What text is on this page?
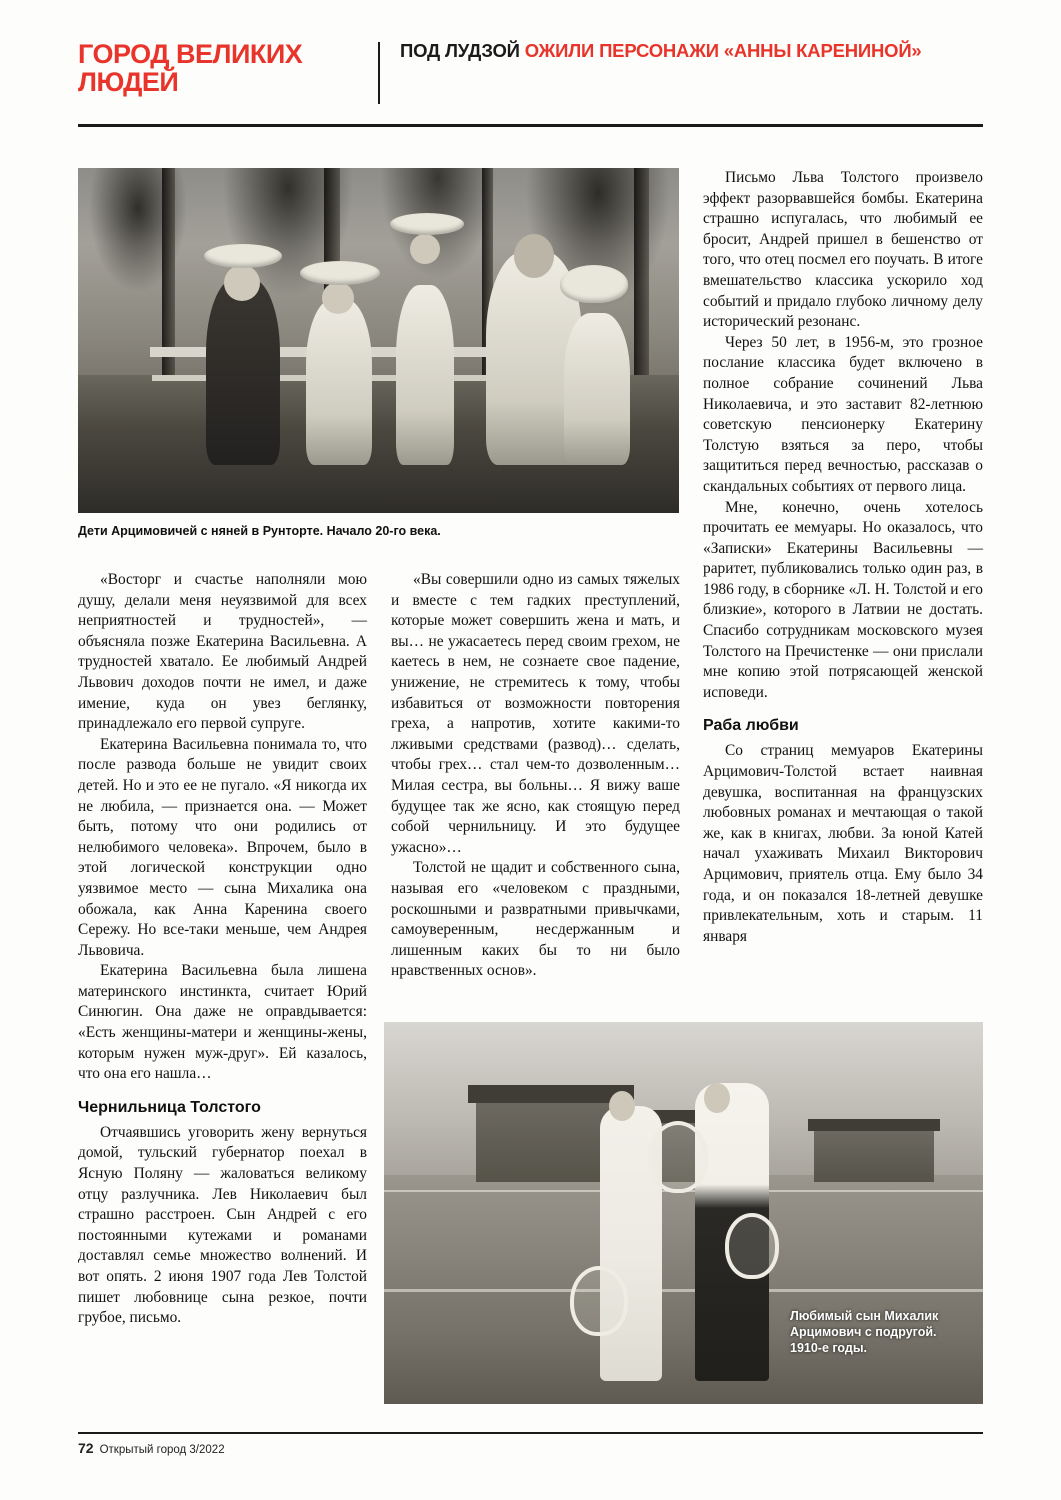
ГОРОД ВЕЛИКИХ ЛЮДЕЙ
ПОД ЛУДЗОЙ ОЖИЛИ ПЕРСОНАЖИ «АННЫ КАРЕНИНОЙ»
Дети Арцимовичей с няней в Рунторте. Начало 20-го века.

«Восторг и счастье наполняли мою душу, делали меня неуязвимой для всех неприятностей и трудностей», — объясняла позже Екатерина Васильевна. А трудностей хватало. Ее любимый Андрей Львович доходов почти не имел, и даже имение, куда он увез беглянку, принадлежало его первой супруге.

Екатерина Васильевна понимала то, что после развода больше не увидит своих детей. Но и это ее не пугало. «Я никогда их не любила, — признается она. — Может быть, потому что они родились от нелюбимого человека». Впрочем, было в этой логической конструкции одно уязвимое место — сына Михалика она обожала, как Анна Каренина своего Сережу. Но все-таки меньше, чем Андрея Львовича.

Екатерина Васильевна была лишена материнского инстинкта, считает Юрий Синюгин. Она даже не оправдывается: «Есть женщины-матери и женщины-жены, которым нужен муж-друг». Ей казалось, что она его нашла…

Чернильница Толстого

Отчаявшись уговорить жену вернуться домой, тульский губернатор поехал в Ясную Поляну — жаловаться великому отцу разлучника. Лев Николаевич был страшно расстроен. Сын Андрей с его постоянными кутежами и романами доставлял семье множество волнений. И вот опять. 2 июня 1907 года Лев Толстой пишет любовнице сына резкое, почти грубое, письмо.

«Вы совершили одно из самых тяжелых и вместе с тем гадких преступлений, которые может совершить жена и мать, и вы… не ужасаетесь перед своим грехом, не каетесь в нем, не сознаете свое падение, унижение, не стремитесь к тому, чтобы избавиться от возможности повторения греха, а напротив, хотите какими-то лживыми средствами (развод)… сделать, чтобы грех… стал чем-то дозволенным… Милая сестра, вы больны… Я вижу ваше будущее так же ясно, как стоящую перед собой чернильницу. И это будущее ужасно»…

Толстой не щадит и собственного сына, называя его «человеком с праздными, роскошными и развратными привычками, самоуверенным, несдержанным и лишенным каких бы то ни было нравственных основ».

Письмо Льва Толстого произвело эффект разорвавшейся бомбы. Екатерина страшно испугалась, что любимый ее бросит, Андрей пришел в бешенство от того, что отец посмел его поучать. В итоге вмешательство классика ускорило ход событий и придало глубоко личному делу исторический резонанс.

Через 50 лет, в 1956-м, это грозное послание классика будет включено в полное собрание сочинений Льва Николаевича, и это заставит 82-летнюю советскую пенсионерку Екатерину Толстую взяться за перо, чтобы защититься перед вечностью, рассказав о скандальных событиях от первого лица.

Мне, конечно, очень хотелось прочитать ее мемуары. Но оказалось, что «Записки» Екатерины Васильевны — раритет, публиковались только один раз, в 1986 году, в сборнике «Л. Н. Толстой и его близкие», которого в Латвии не достать. Спасибо сотрудникам московского музея Толстого на Пречистенке — они прислали мне копию этой потрясающей женской исповеди.

Раба любви

Со страниц мемуаров Екатерины Арцимович-Толстой встает наивная девушка, воспитанная на французских любовных романах и мечтающая о такой же, как в книгах, любви. За юной Катей начал ухаживать Михаил Викторович Арцимович, приятель отца. Ему было 34 года, и он показался 18-летней девушке привлекательным, хоть и старым. 11 января

Любимый сын Михалик Арцимович с подругой. 1910-е годы.
72 Открытый город 3/2022
